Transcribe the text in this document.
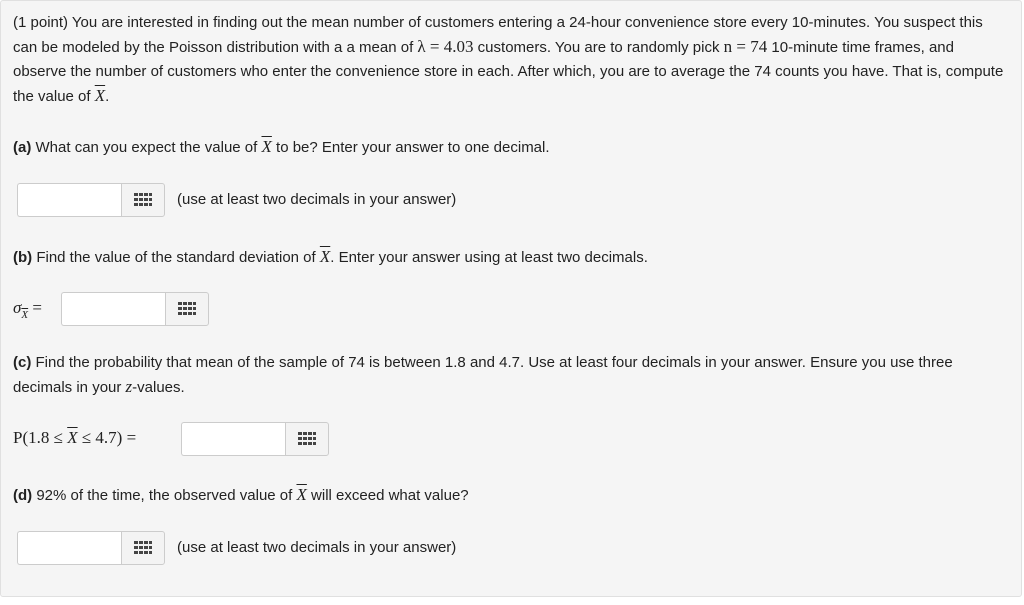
(1 point) You are interested in finding out the mean number of customers entering a 24-hour convenience store every 10-minutes. You suspect this can be modeled by the Poisson distribution with a a mean of λ = 4.03 customers. You are to randomly pick n = 74 10-minute time frames, and observe the number of customers who enter the convenience store in each. After which, you are to average the 74 counts you have. That is, compute the value of $\overline{X}$.

(a) What can you expect the value of $\overline{X}$ to be? Enter your answer to one decimal.

(use at least two decimals in your answer)

(b) Find the value of the standard deviation of $\overline{X}$. Enter your answer using at least two decimals.

$\sigma_{\overline{X}}$ =

(c) Find the probability that mean of the sample of 74 is between 1.8 and 4.7. Use at least four decimals in your answer. Ensure you use three decimals in your z-values.

$P(1.8 \le \overline{X} \le 4.7)$ =

(d) 92% of the time, the observed value of $\overline{X}$ will exceed what value?

(use at least two decimals in your answer)
